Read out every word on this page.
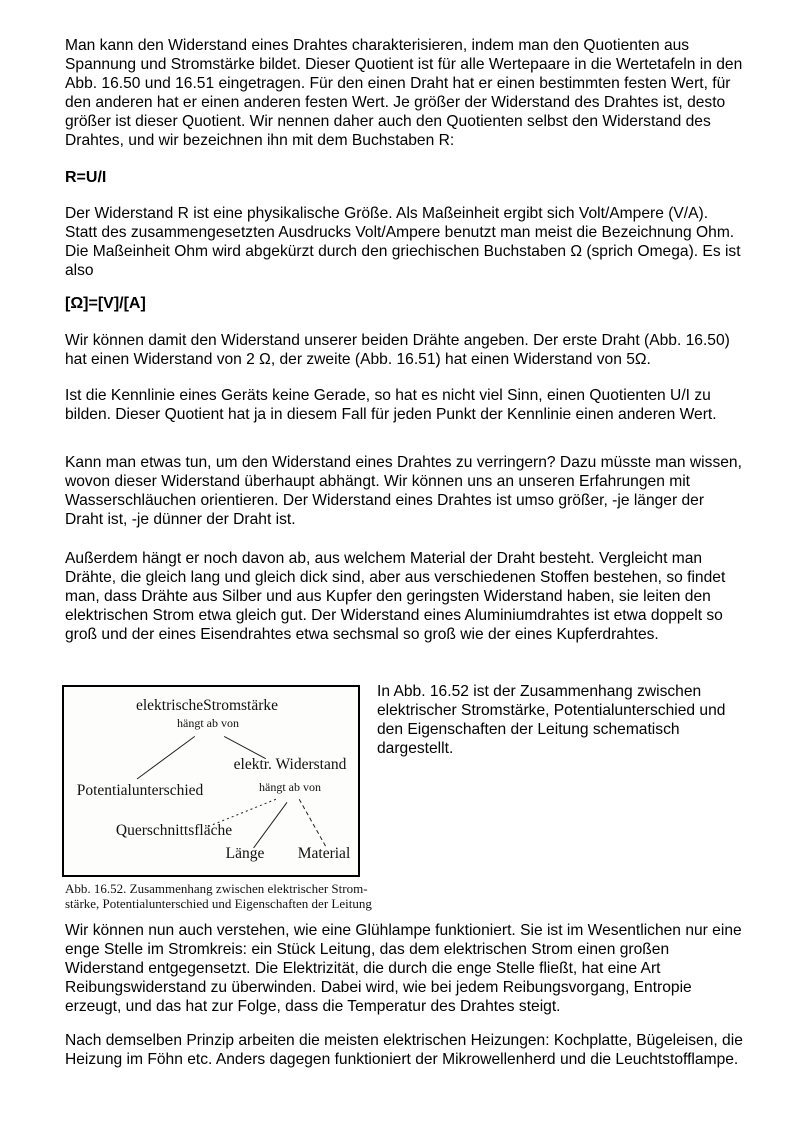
Man kann den Widerstand eines Drahtes charakterisieren, indem man den Quotienten aus Spannung und Stromstärke bildet. Dieser Quotient ist für alle Wertepaare in die Wertetafeln in den Abb. 16.50 und 16.51 eingetragen. Für den einen Draht hat er einen bestimmten festen Wert, für den anderen hat er einen anderen festen Wert. Je größer der Widerstand des Drahtes ist, desto größer ist dieser Quotient. Wir nennen daher auch den Quotienten selbst den Widerstand des Drahtes, und wir bezeichnen ihn mit dem Buchstaben R:

R=U/I

Der Widerstand R ist eine physikalische Größe. Als Maßeinheit ergibt sich Volt/Ampere (V/A). Statt des zusammengesetzten Ausdrucks Volt/Ampere benutzt man meist die Bezeichnung Ohm. Die Maßeinheit Ohm wird abgekürzt durch den griechischen Buchstaben Ω (sprich Omega). Es ist also

[Ω]=[V]/[A]

Wir können damit den Widerstand unserer beiden Drähte angeben. Der erste Draht (Abb. 16.50) hat einen Widerstand von 2 Ω, der zweite (Abb. 16.51) hat einen Widerstand von 5Ω.

Ist die Kennlinie eines Geräts keine Gerade, so hat es nicht viel Sinn, einen Quotienten U/I zu bilden. Dieser Quotient hat ja in diesem Fall für jeden Punkt der Kennlinie einen anderen Wert.

Kann man etwas tun, um den Widerstand eines Drahtes zu verringern? Dazu müsste man wissen, wovon dieser Widerstand überhaupt abhängt. Wir können uns an unseren Erfahrungen mit Wasserschläuchen orientieren. Der Widerstand eines Drahtes ist umso größer, -je länger der Draht ist, -je dünner der Draht ist.

Außerdem hängt er noch davon ab, aus welchem Material der Draht besteht. Vergleicht man Drähte, die gleich lang und gleich dick sind, aber aus verschiedenen Stoffen bestehen, so findet man, dass Drähte aus Silber und aus Kupfer den geringsten Widerstand haben, sie leiten den elektrischen Strom etwa gleich gut. Der Widerstand eines Aluminiumdrahtes ist etwa doppelt so groß und der eines Eisendrahtes etwa sechsmal so groß wie der eines Kupferdrahtes.

elektrischeStromstärke
hängt ab von
elektr. Widerstand
hängt ab von
Potentialunterschied
Querschnittsfläche
Länge Material
Abb. 16.52. Zusammenhang zwischen elektrischer Strom-
stärke, Potentialunterschied und Eigenschaften der Leitung

In Abb. 16.52 ist der Zusammenhang zwischen elektrischer Stromstärke, Potentialunterschied und den Eigenschaften der Leitung schematisch dargestellt.

Wir können nun auch verstehen, wie eine Glühlampe funktioniert. Sie ist im Wesentlichen nur eine enge Stelle im Stromkreis: ein Stück Leitung, das dem elektrischen Strom einen großen Widerstand entgegensetzt. Die Elektrizität, die durch die enge Stelle fließt, hat eine Art Reibungswiderstand zu überwinden. Dabei wird, wie bei jedem Reibungsvorgang, Entropie erzeugt, und das hat zur Folge, dass die Temperatur des Drahtes steigt.

Nach demselben Prinzip arbeiten die meisten elektrischen Heizungen: Kochplatte, Bügeleisen, die Heizung im Föhn etc. Anders dagegen funktioniert der Mikrowellenherd und die Leuchtstofflampe.
